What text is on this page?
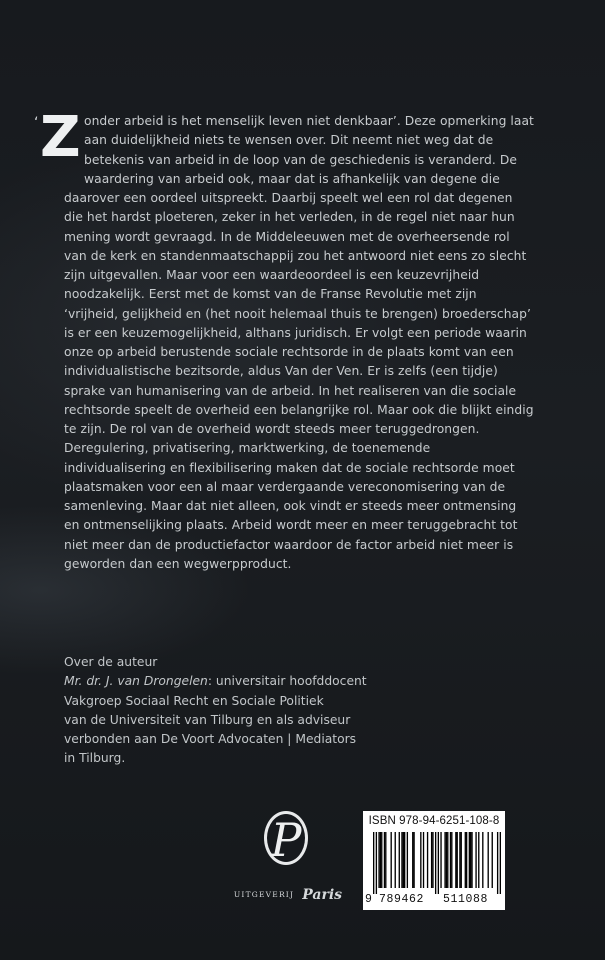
‘ Z onder arbeid is het menselijk leven niet denkbaar’. Deze opmerking laat aan duidelijkheid niets te wensen over. Dit neemt niet weg dat de betekenis van arbeid in de loop van de geschiedenis is veranderd. De waardering van arbeid ook, maar dat is afhankelijk van degene die daarover een oordeel uitspreekt. Daarbij speelt wel een rol dat degenen die het hardst ploeteren, zeker in het verleden, in de regel niet naar hun mening wordt gevraagd. In de Middeleeuwen met de overheersende rol van de kerk en standenmaatschappij zou het antwoord niet eens zo slecht zijn uitgevallen. Maar voor een waardeoordeel is een keuzevrijheid noodzakelijk. Eerst met de komst van de Franse Revolutie met zijn ‘vrijheid, gelijkheid en (het nooit helemaal thuis te brengen) broederschap’ is er een keuzemogelijkheid, althans juridisch. Er volgt een periode waarin onze op arbeid berustende sociale rechtsorde in de plaats komt van een individualistische bezitsorde, aldus Van der Ven. Er is zelfs (een tijdje) sprake van humanisering van de arbeid. In het realiseren van die sociale rechtsorde speelt de overheid een belangrijke rol. Maar ook die blijkt eindig te zijn. De rol van de overheid wordt steeds meer teruggedrongen. Deregulering, privatisering, marktwerking, de toenemende individualisering en flexibilisering maken dat de sociale rechtsorde moet plaatsmaken voor een al maar verdergaande vereconomisering van de samenleving. Maar dat niet alleen, ook vindt er steeds meer ontmensing en ontmenselijking plaats. Arbeid wordt meer en meer teruggebracht tot niet meer dan de productiefactor waardoor de factor arbeid niet meer is geworden dan een wegwerpproduct.
Over de auteur
Mr. dr. J. van Drongelen: universitair hoofddocent
Vakgroep Sociaal Recht en Sociale Politiek
van de Universiteit van Tilburg en als adviseur
verbonden aan De Voort Advocaten | Mediators
in Tilburg.
P
UITGEVERIJ Paris
ISBN 978-94-6251-108-8
9 789462 511088
